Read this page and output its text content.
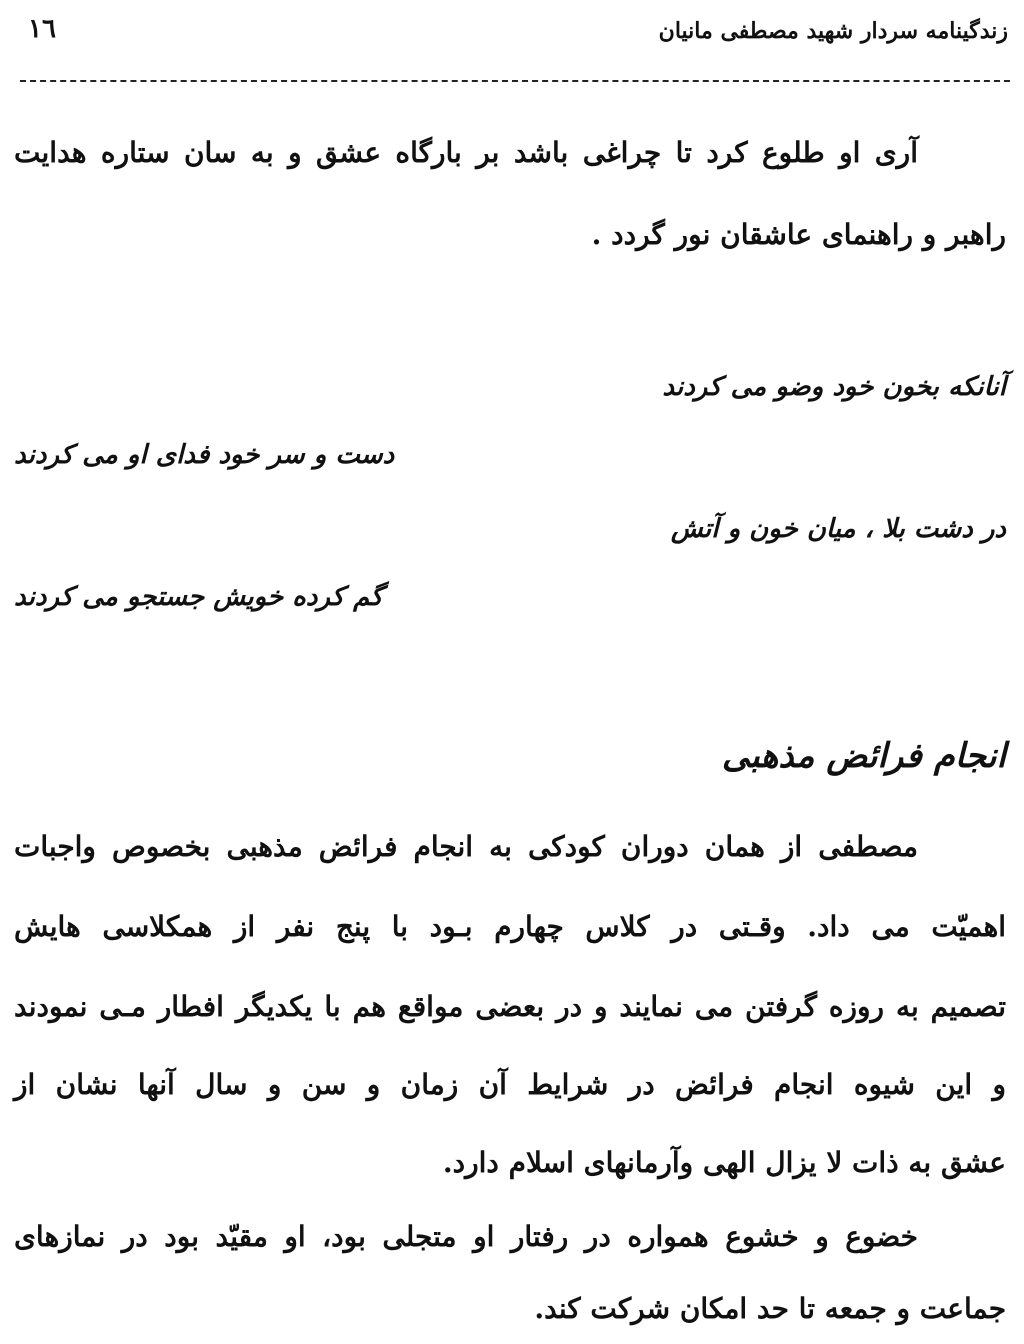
١٦	زندگینامه سردار شهید مصطفی مانیان
آری او طلوع کرد تا چراغی باشد بر بارگاه عشق و به سان ستاره هدایت
راهبر و راهنمای عاشقان نور گردد .
آنانکه بخون خود وضو می کردند
دست و سر خود فدای او می کردند
در دشت بلا ، میان خون و آتش
گم کرده خویش جستجو می کردند
انجام فرائض مذهبی
مصطفی از همان دوران کودکی به انجام فرائض مذهبی بخصوص واجبات
اهمیّت می داد. وقـتی در کلاس چهارم بـود با پنج نفر از همکلاسی هایش
تصمیم به روزه گرفتن می نمایند و در بعضی مواقع هم با یکدیگر افطار مـی نمودند
و این شیوه انجام فرائض در شرایط آن زمان و سن و سال آنها نشان از
عشق به ذات لا یزال الهی وآرمانهای اسلام دارد.
خضوع و خشوع همواره در رفتار او متجلی بود، او مقیّد بود در نمازهای
جماعت و جمعه تا حد امکان شرکت کند.
